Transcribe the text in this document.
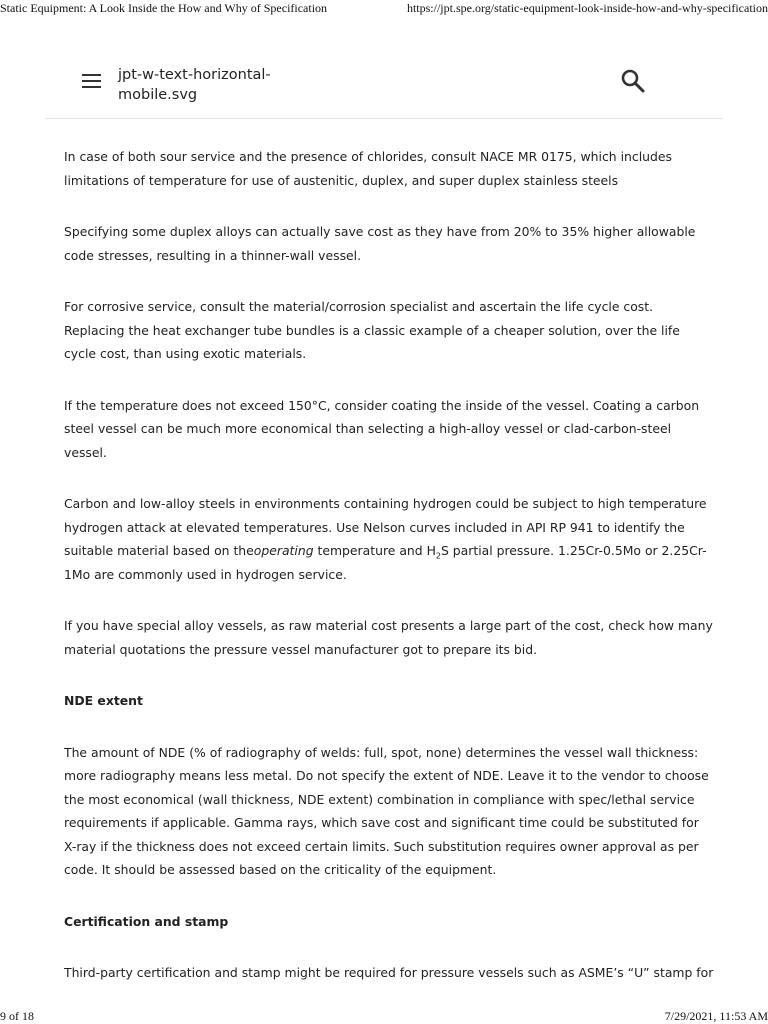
Static Equipment: A Look Inside the How and Why of Specification	https://jpt.spe.org/static-equipment-look-inside-how-and-why-specification
jpt-w-text-horizontal-mobile.svg

In case of both sour service and the presence of chlorides, consult NACE MR 0175, which includes limitations of temperature for use of austenitic, duplex, and super duplex stainless steels

Specifying some duplex alloys can actually save cost as they have from 20% to 35% higher allowable code stresses, resulting in a thinner-wall vessel.

For corrosive service, consult the material/corrosion specialist and ascertain the life cycle cost. Replacing the heat exchanger tube bundles is a classic example of a cheaper solution, over the life cycle cost, than using exotic materials.

If the temperature does not exceed 150°C, consider coating the inside of the vessel. Coating a carbon steel vessel can be much more economical than selecting a high-alloy vessel or clad-carbon-steel vessel.

Carbon and low-alloy steels in environments containing hydrogen could be subject to high temperature hydrogen attack at elevated temperatures. Use Nelson curves included in API RP 941 to identify the suitable material based on theoperating temperature and $H_2S$ partial pressure. 1.25Cr-0.5Mo or 2.25Cr-1Mo are commonly used in hydrogen service.

If you have special alloy vessels, as raw material cost presents a large part of the cost, check how many material quotations the pressure vessel manufacturer got to prepare its bid.

NDE extent

The amount of NDE (% of radiography of welds: full, spot, none) determines the vessel wall thickness: more radiography means less metal. Do not specify the extent of NDE. Leave it to the vendor to choose the most economical (wall thickness, NDE extent) combination in compliance with spec/lethal service requirements if applicable. Gamma rays, which save cost and significant time could be substituted for X-ray if the thickness does not exceed certain limits. Such substitution requires owner approval as per code. It should be assessed based on the criticality of the equipment.

Certification and stamp

Third-party certification and stamp might be required for pressure vessels such as ASME’s “U” stamp for

9 of 18	7/29/2021, 11:53 AM
